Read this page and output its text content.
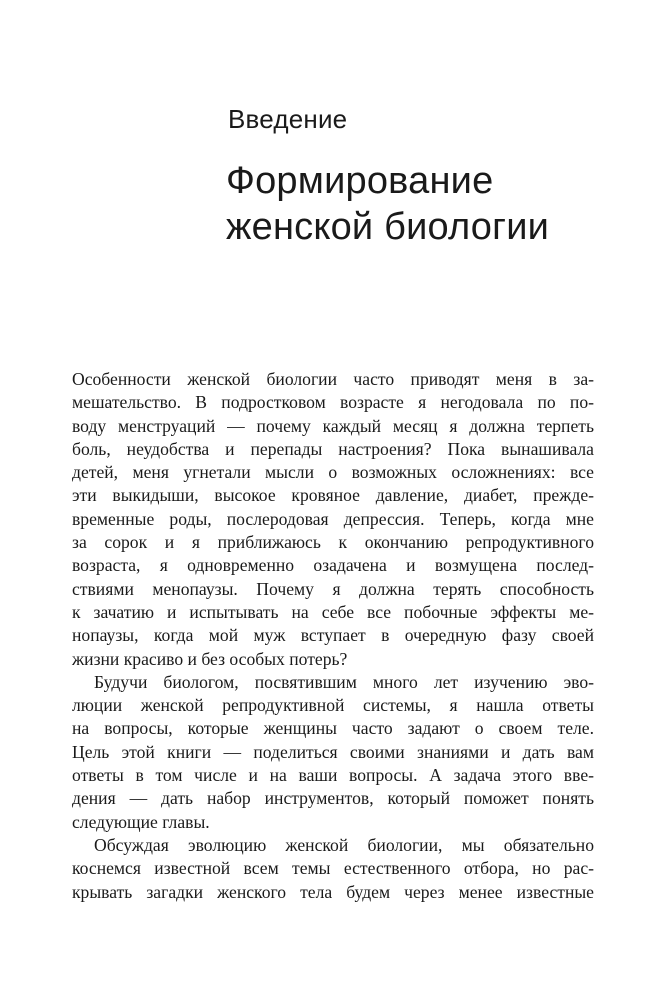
Введение
Формирование
женской биологии
Особенности женской биологии часто приводят меня в за-
мешательство. В подростковом возрасте я негодовала по по-
воду менструаций — почему каждый месяц я должна терпеть
боль, неудобства и перепады настроения? Пока вынашивала
детей, меня угнетали мысли о возможных осложнениях: все
эти выкидыши, высокое кровяное давление, диабет, прежде-
временные роды, послеродовая депрессия. Теперь, когда мне
за сорок и я приближаюсь к окончанию репродуктивного
возраста, я одновременно озадачена и возмущена послед-
ствиями менопаузы. Почему я должна терять способность
к зачатию и испытывать на себе все побочные эффекты ме-
нопаузы, когда мой муж вступает в очередную фазу своей
жизни красиво и без особых потерь?
Будучи биологом, посвятившим много лет изучению эво-
люции женской репродуктивной системы, я нашла ответы
на вопросы, которые женщины часто задают о своем теле.
Цель этой книги — поделиться своими знаниями и дать вам
ответы в том числе и на ваши вопросы. А задача этого вве-
дения — дать набор инструментов, который поможет понять
следующие главы.
Обсуждая эволюцию женской биологии, мы обязательно
коснемся известной всем темы естественного отбора, но рас-
крывать загадки женского тела будем через менее известные
